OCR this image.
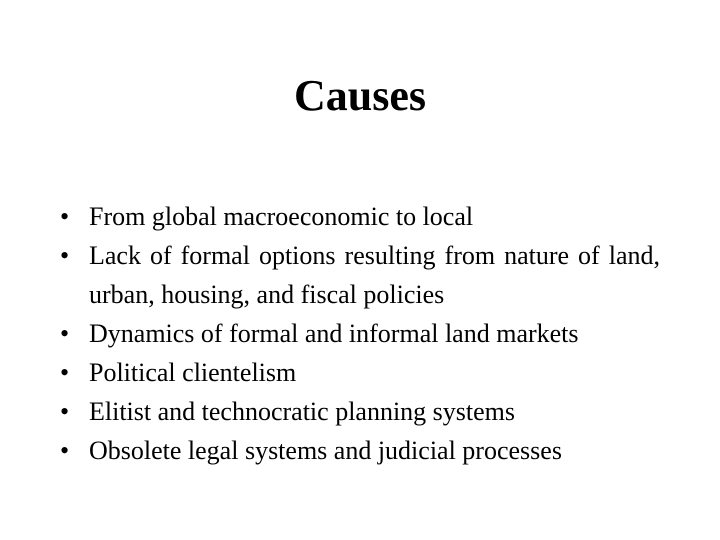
Causes
• From global macroeconomic to local
• Lack of formal options resulting from nature of land, urban, housing, and fiscal policies
• Dynamics of formal and informal land markets
• Political clientelism
• Elitist and technocratic planning systems
• Obsolete legal systems and judicial processes
